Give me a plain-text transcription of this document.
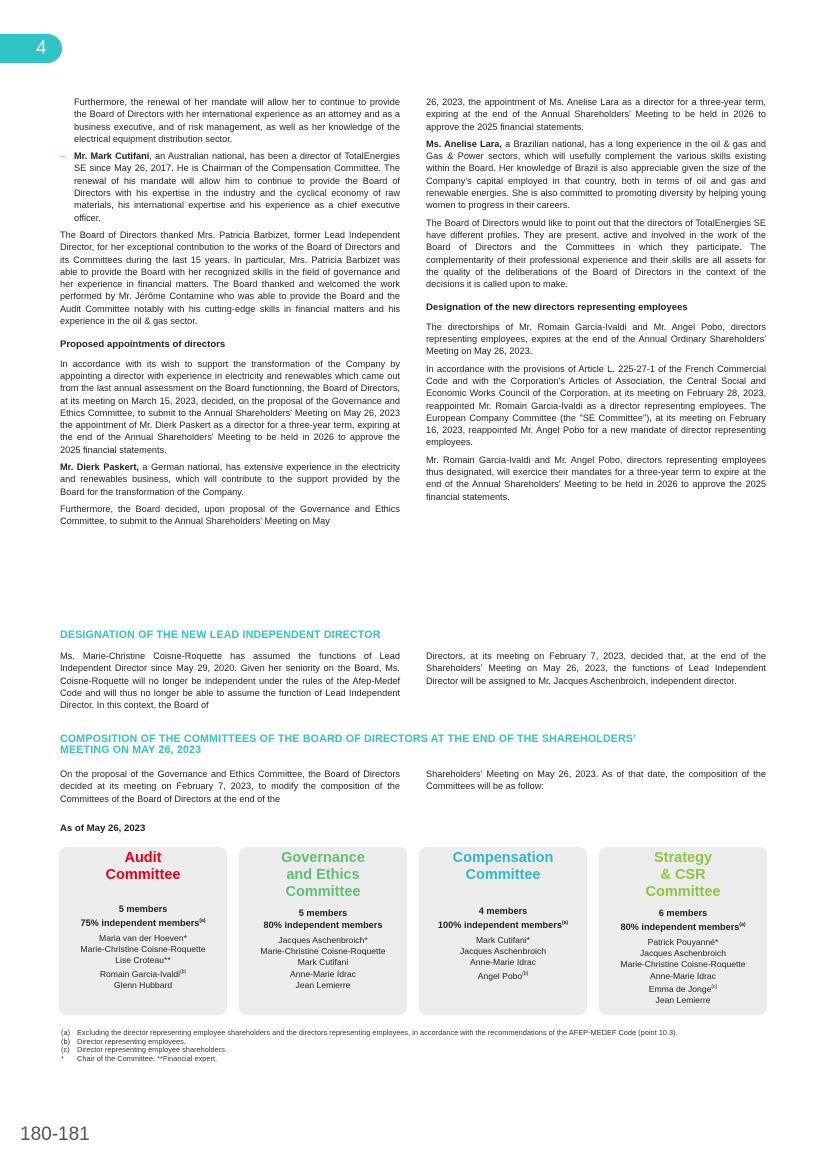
4

Furthermore, the renewal of her mandate will allow her to continue to provide the Board of Directors with her international experience as an attorney and as a business executive, and of risk management, as well as her knowledge of the electrical equipment distribution sector.

– Mr. Mark Cutifani, an Australian national, has been a director of TotalEnergies SE since May 26, 2017. He is Chairman of the Compensation Committee. The renewal of his mandate will allow him to continue to provide the Board of Directors with his expertise in the industry and the cyclical economy of raw materials, his international expertise and his experience as a chief executive officer.

The Board of Directors thanked Mrs. Patricia Barbizet, former Lead Independent Director, for her exceptional contribution to the works of the Board of Directors and its Committees during the last 15 years. In particular, Mrs. Patricia Barbizet was able to provide the Board with her recognized skills in the field of governance and her experience in financial matters. The Board thanked and welcomed the work performed by Mr. Jérôme Contamine who was able to provide the Board and the Audit Committee notably with his cutting-edge skills in financial matters and his experience in the oil & gas sector.

Proposed appointments of directors

In accordance with its wish to support the transformation of the Company by appointing a director with experience in electricity and renewables which came out from the last annual assessment on the Board functionning, the Board of Directors, at its meeting on March 15, 2023, decided, on the proposal of the Governance and Ethics Committee, to submit to the Annual Shareholders' Meeting on May 26, 2023 the appointment of Mr. Dierk Paskert as a director for a three-year term, expiring at the end of the Annual Shareholders' Meeting to be held in 2026 to approve the 2025 financial statements.

Mr. Dierk Paskert, a German national, has extensive experience in the electricity and renewables business, which will contribute to the support provided by the Board for the transformation of the Company.

Furthermore, the Board decided, upon proposal of the Governance and Ethics Committee, to submit to the Annual Shareholders' Meeting on May

26, 2023, the appointment of Ms. Anelise Lara as a director for a three-year term, expiring at the end of the Annual Shareholders' Meeting to be held in 2026 to approve the 2025 financial statements.

Ms. Anelise Lara, a Brazilian national, has a long experience in the oil & gas and Gas & Power sectors, which will usefully complement the various skills existing within the Board. Her knowledge of Brazil is also appreciable given the size of the Company's capital employed in that country, both in terms of oil and gas and renewable energies. She is also committed to promoting diversity by helping young women to progress in their careers.

The Board of Directors would like to point out that the directors of TotalEnergies SE have different profiles. They are present, active and involved in the work of the Board of Directors and the Committees in which they participate. The complementarity of their professional experience and their skills are all assets for the quality of the deliberations of the Board of Directors in the context of the decisions it is called upon to make.

Designation of the new directors representing employees

The directorships of Mr. Romain Garcia-Ivaldi and Mr. Angel Pobo, directors representing employees, expires at the end of the Annual Ordinary Shareholders' Meeting on May 26, 2023.

In accordance with the provisions of Article L. 225-27-1 of the French Commercial Code and with the Corporation's Articles of Association, the Central Social and Economic Works Council of the Corporation, at its meeting on February 28, 2023, reappointed Mr. Romain Garcia-Ivaldi as a director representing employees. The European Company Committee (the "SE Committee"), at its meeting on February 16, 2023, reappointed Mr. Angel Pobo for a new mandate of director representing employees.

Mr. Romain Garcia-Ivaldi and Mr. Angel Pobo, directors representing employees thus designated, will exercice their mandates for a three-year term to expire at the end of the Annual Shareholders' Meeting to be held in 2026 to approve the 2025 financial statements.

DESIGNATION OF THE NEW LEAD INDEPENDENT DIRECTOR

Ms. Marie-Christine Coisne-Roquette has assumed the functions of Lead Independent Director since May 29, 2020. Given her seniority on the Board, Ms. Coisne-Roquette will no longer be independent under the rules of the Afep-Medef Code and will thus no longer be able to assume the function of Lead Independent Director. In this context, the Board of

Directors, at its meeting on February 7, 2023, decided that, at the end of the Shareholders' Meeting on May 26, 2023, the functions of Lead Independent Director will be assigned to Mr. Jacques Aschenbroich, independent director.

COMPOSITION OF THE COMMITTEES OF THE BOARD OF DIRECTORS AT THE END OF THE SHAREHOLDERS’
MEETING ON MAY 26, 2023

On the proposal of the Governance and Ethics Committee, the Board of Directors decided at its meeting on February 7, 2023, to modify the composition of the Committees of the Board of Directors at the end of the

Shareholders’ Meeting on May 26, 2023. As of that date, the composition of the Committees will be as follow:

As of May 26, 2023
Audit
Committee
5 members
75% independent members$^{(a)}$
Maria van der Hoeven*
Marie-Christine Coisne-Roquette
Lise Croteau**
Romain Garcia-Ivaldi$^{(b)}$
Glenn Hubbard
Governance
and Ethics
Committee
5 members
80% independent members
Jacques Aschenbroich*
Marie-Christine Coisne-Roquette
Mark Cutifani
Anne-Marie Idrac
Jean Lemierre
Compensation
Committee
4 members
100% independent members$^{(a)}$
Mark Cutifani*
Jacques Aschenbroich
Anne-Marie Idrac
Angel Pobo$^{(b)}$
Strategy
& CSR
Committee
6 members
80% independent members$^{(a)}$
Patrick Pouyanné*
Jacques Aschenbroich
Marie-Christine Coisne-Roquette
Anne-Marie Idrac
Emma de Jonge$^{(c)}$
Jean Lemierre
(a) Excluding the director representing employee shareholders and the directors representing employees, in accordance with the recommendations of the AFEP-MEDEF Code (point 10.3).
(b) Director representing employees.
(c) Director representing employee shareholders.
* Chair of the Committee. **Financial expert.
180-181
